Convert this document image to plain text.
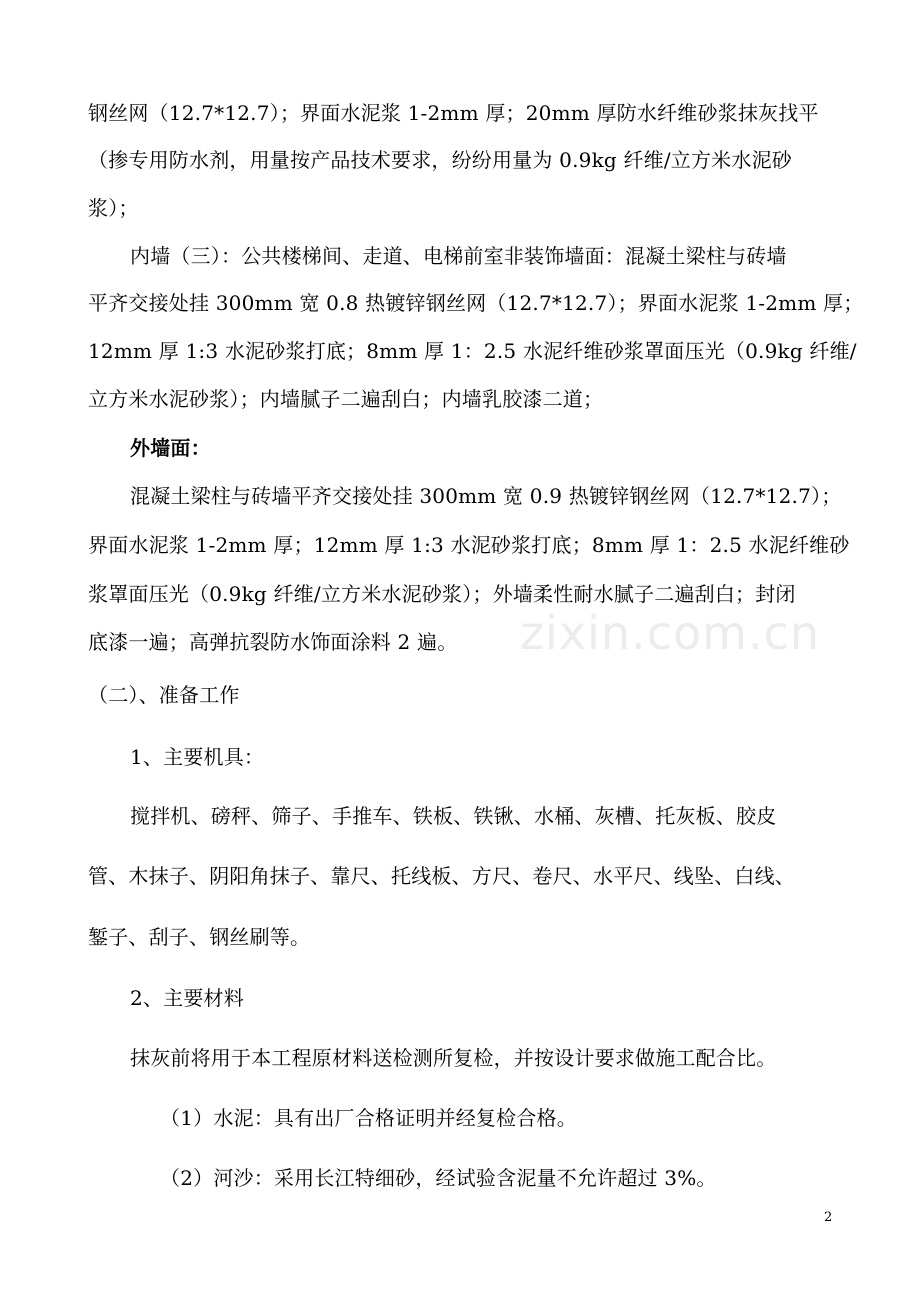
钢丝网（12.7*12.7）；界面水泥浆 1-2mm 厚；20mm 厚防水纤维砂浆抹灰找平
（掺专用防水剂，用量按产品技术要求，纷纷用量为 0.9kg 纤维/立方米水泥砂
浆）；
内墙（三）：公共楼梯间、走道、电梯前室非装饰墙面：混凝土梁柱与砖墙
平齐交接处挂 300mm 宽 0.8 热镀锌钢丝网（12.7*12.7）；界面水泥浆 1-2mm 厚；
12mm 厚 1:3 水泥砂浆打底；8mm 厚 1：2.5 水泥纤维砂浆罩面压光（0.9kg 纤维/
立方米水泥砂浆）；内墙腻子二遍刮白；内墙乳胶漆二道；
外墙面：
混凝土梁柱与砖墙平齐交接处挂 300mm 宽 0.9 热镀锌钢丝网（12.7*12.7）；
界面水泥浆 1-2mm 厚；12mm 厚 1:3 水泥砂浆打底；8mm 厚 1：2.5 水泥纤维砂
浆罩面压光（0.9kg 纤维/立方米水泥砂浆）；外墙柔性耐水腻子二遍刮白；封闭
底漆一遍；高弹抗裂防水饰面涂料 2 遍。
（二）、准备工作
1、主要机具：
搅拌机、磅秤、筛子、手推车、铁板、铁锹、水桶、灰槽、托灰板、胶皮
管、木抹子、阴阳角抹子、靠尺、托线板、方尺、卷尺、水平尺、线坠、白线、
錾子、刮子、钢丝刷等。
2、主要材料
抹灰前将用于本工程原材料送检测所复检，并按设计要求做施工配合比。
（1）水泥：具有出厂合格证明并经复检合格。
（2）河沙：采用长江特细砂，经试验含泥量不允许超过 3%。
zixin.com.cn
2
